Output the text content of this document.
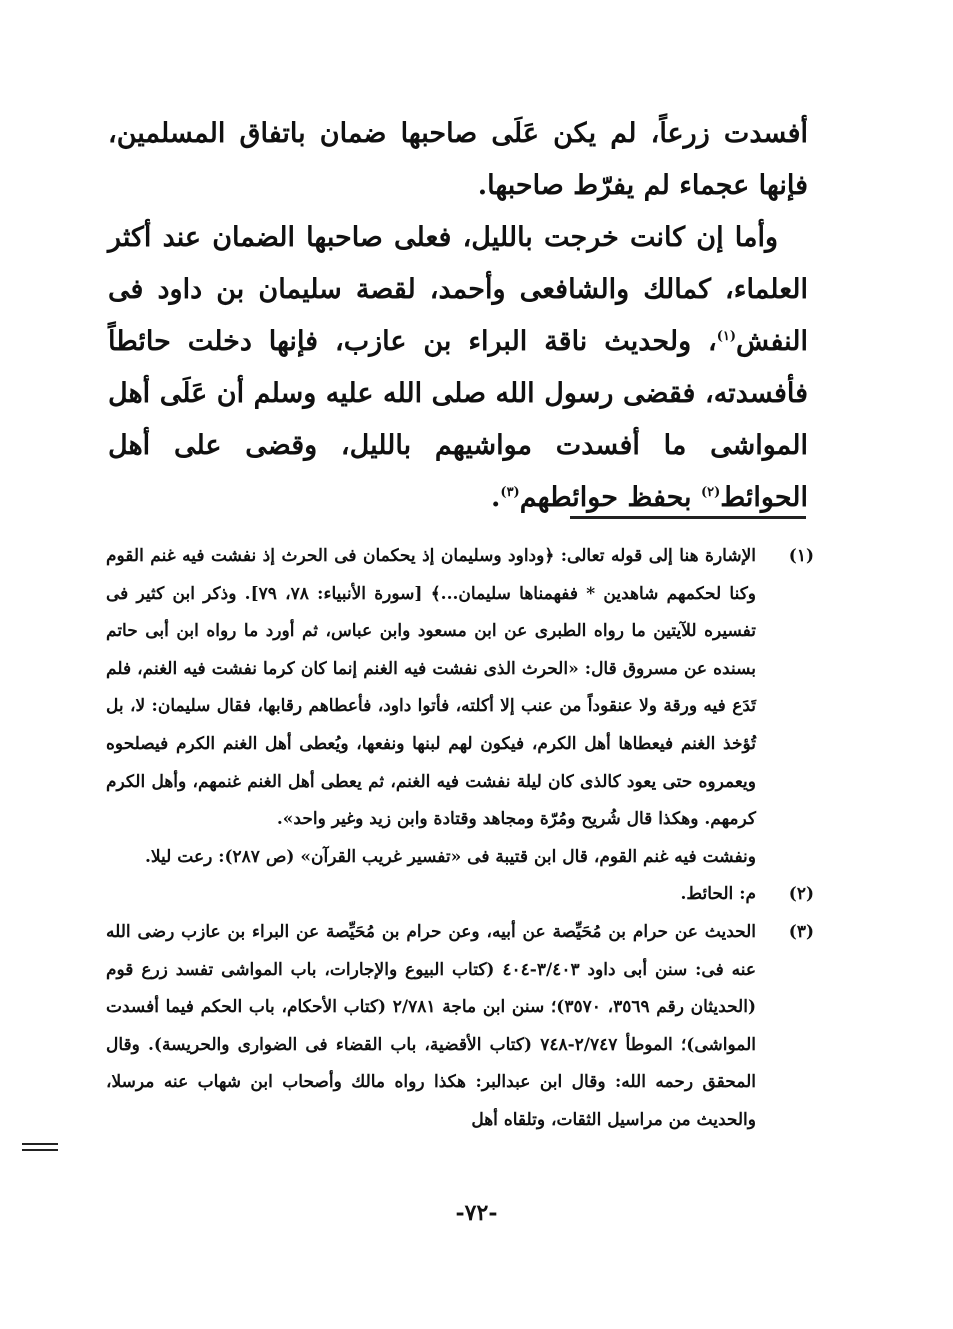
أفسدت زرعاً، لم يكن عَلَى صاحبها ضمان باتفاق المسلمين، فإنها عجماء لم يفرّط صاحبها.

وأما إن كانت خرجت بالليل، فعلى صاحبها الضمان عند أكثر العلماء، كمالك والشافعى وأحمد، لقصة سليمان بن داود فى النفش$^{(١)}$، ولحديث ناقة البراء بن عازب، فإنها دخلت حائطاً فأفسدته، فقضى رسول الله صلى الله عليه وسلم أن عَلَى أهل المواشى ما أفسدت مواشيهم بالليل، وقضى على أهل الحوائط$^{(٢)}$ بحفظ حوائطهم$^{(٣)}$.

(١)
الإشارة هنا إلى قوله تعالى: ﴿وداود وسليمان إذ يحكمان فى الحرث إذ نفشت فيه غنم القوم وكنا لحكمهم شاهدين * ففهمناها سليمان...﴾ [سورة الأنبياء: ٧٨، ٧٩]. وذكر ابن كثير فى تفسيره للآيتين ما رواه الطبرى عن ابن مسعود وابن عباس، ثم أورد ما رواه ابن أبى حاتم بسنده عن مسروق قال: «الحرث الذى نفشت فيه الغنم إنما كان كرما نفشت فيه الغنم، فلم تَدَع فيه ورقة ولا عنقوداً من عنب إلا أكلته، فأتوا داود، فأعطاهم رقابها، فقال سليمان: لا، بل تُؤخذ الغنم فيعطاها أهل الكرم، فيكون لهم لبنها ونفعها، ويُعطى أهل الغنم الكرم فيصلحوه ويعمروه حتى يعود كالذى كان ليلة نفشت فيه الغنم، ثم يعطى أهل الغنم غنمهم، وأهل الكرم كرمهم. وهكذا قال شُريح ومُرّة ومجاهد وقتادة وابن زيد وغير واحد».

ونفشت فيه غنم القوم، قال ابن قتيبة فى «تفسير غريب القرآن» (ص ٢٨٧): رعت ليلا.

(٢)
م: الحائط.
(٣)
الحديث عن حرام بن مُحَيِّصة عن أبيه، وعن حرام بن مُحَيِّصة عن البراء بن عازب رضى الله عنه فى: سنن أبى داود ٣/٤٠٣-٤٠٤ (كتاب البيوع والإجارات، باب المواشى تفسد زرع قوم (الحديثان رقم ٣٥٦٩، ٣٥٧٠)؛ سنن ابن ماجة ٢/٧٨١ (كتاب الأحكام، باب الحكم فيما أفسدت المواشى)؛ الموطأ ٢/٧٤٧-٧٤٨ (كتاب الأقضية، باب القضاء فى الضوارى والحريسة). وقال المحقق رحمه الله: وقال ابن عبدالبر: هكذا رواه مالك وأصحاب ابن شهاب عنه مرسلا، والحديث من مراسيل الثقات، وتلقاه أهل
-٧٢-
